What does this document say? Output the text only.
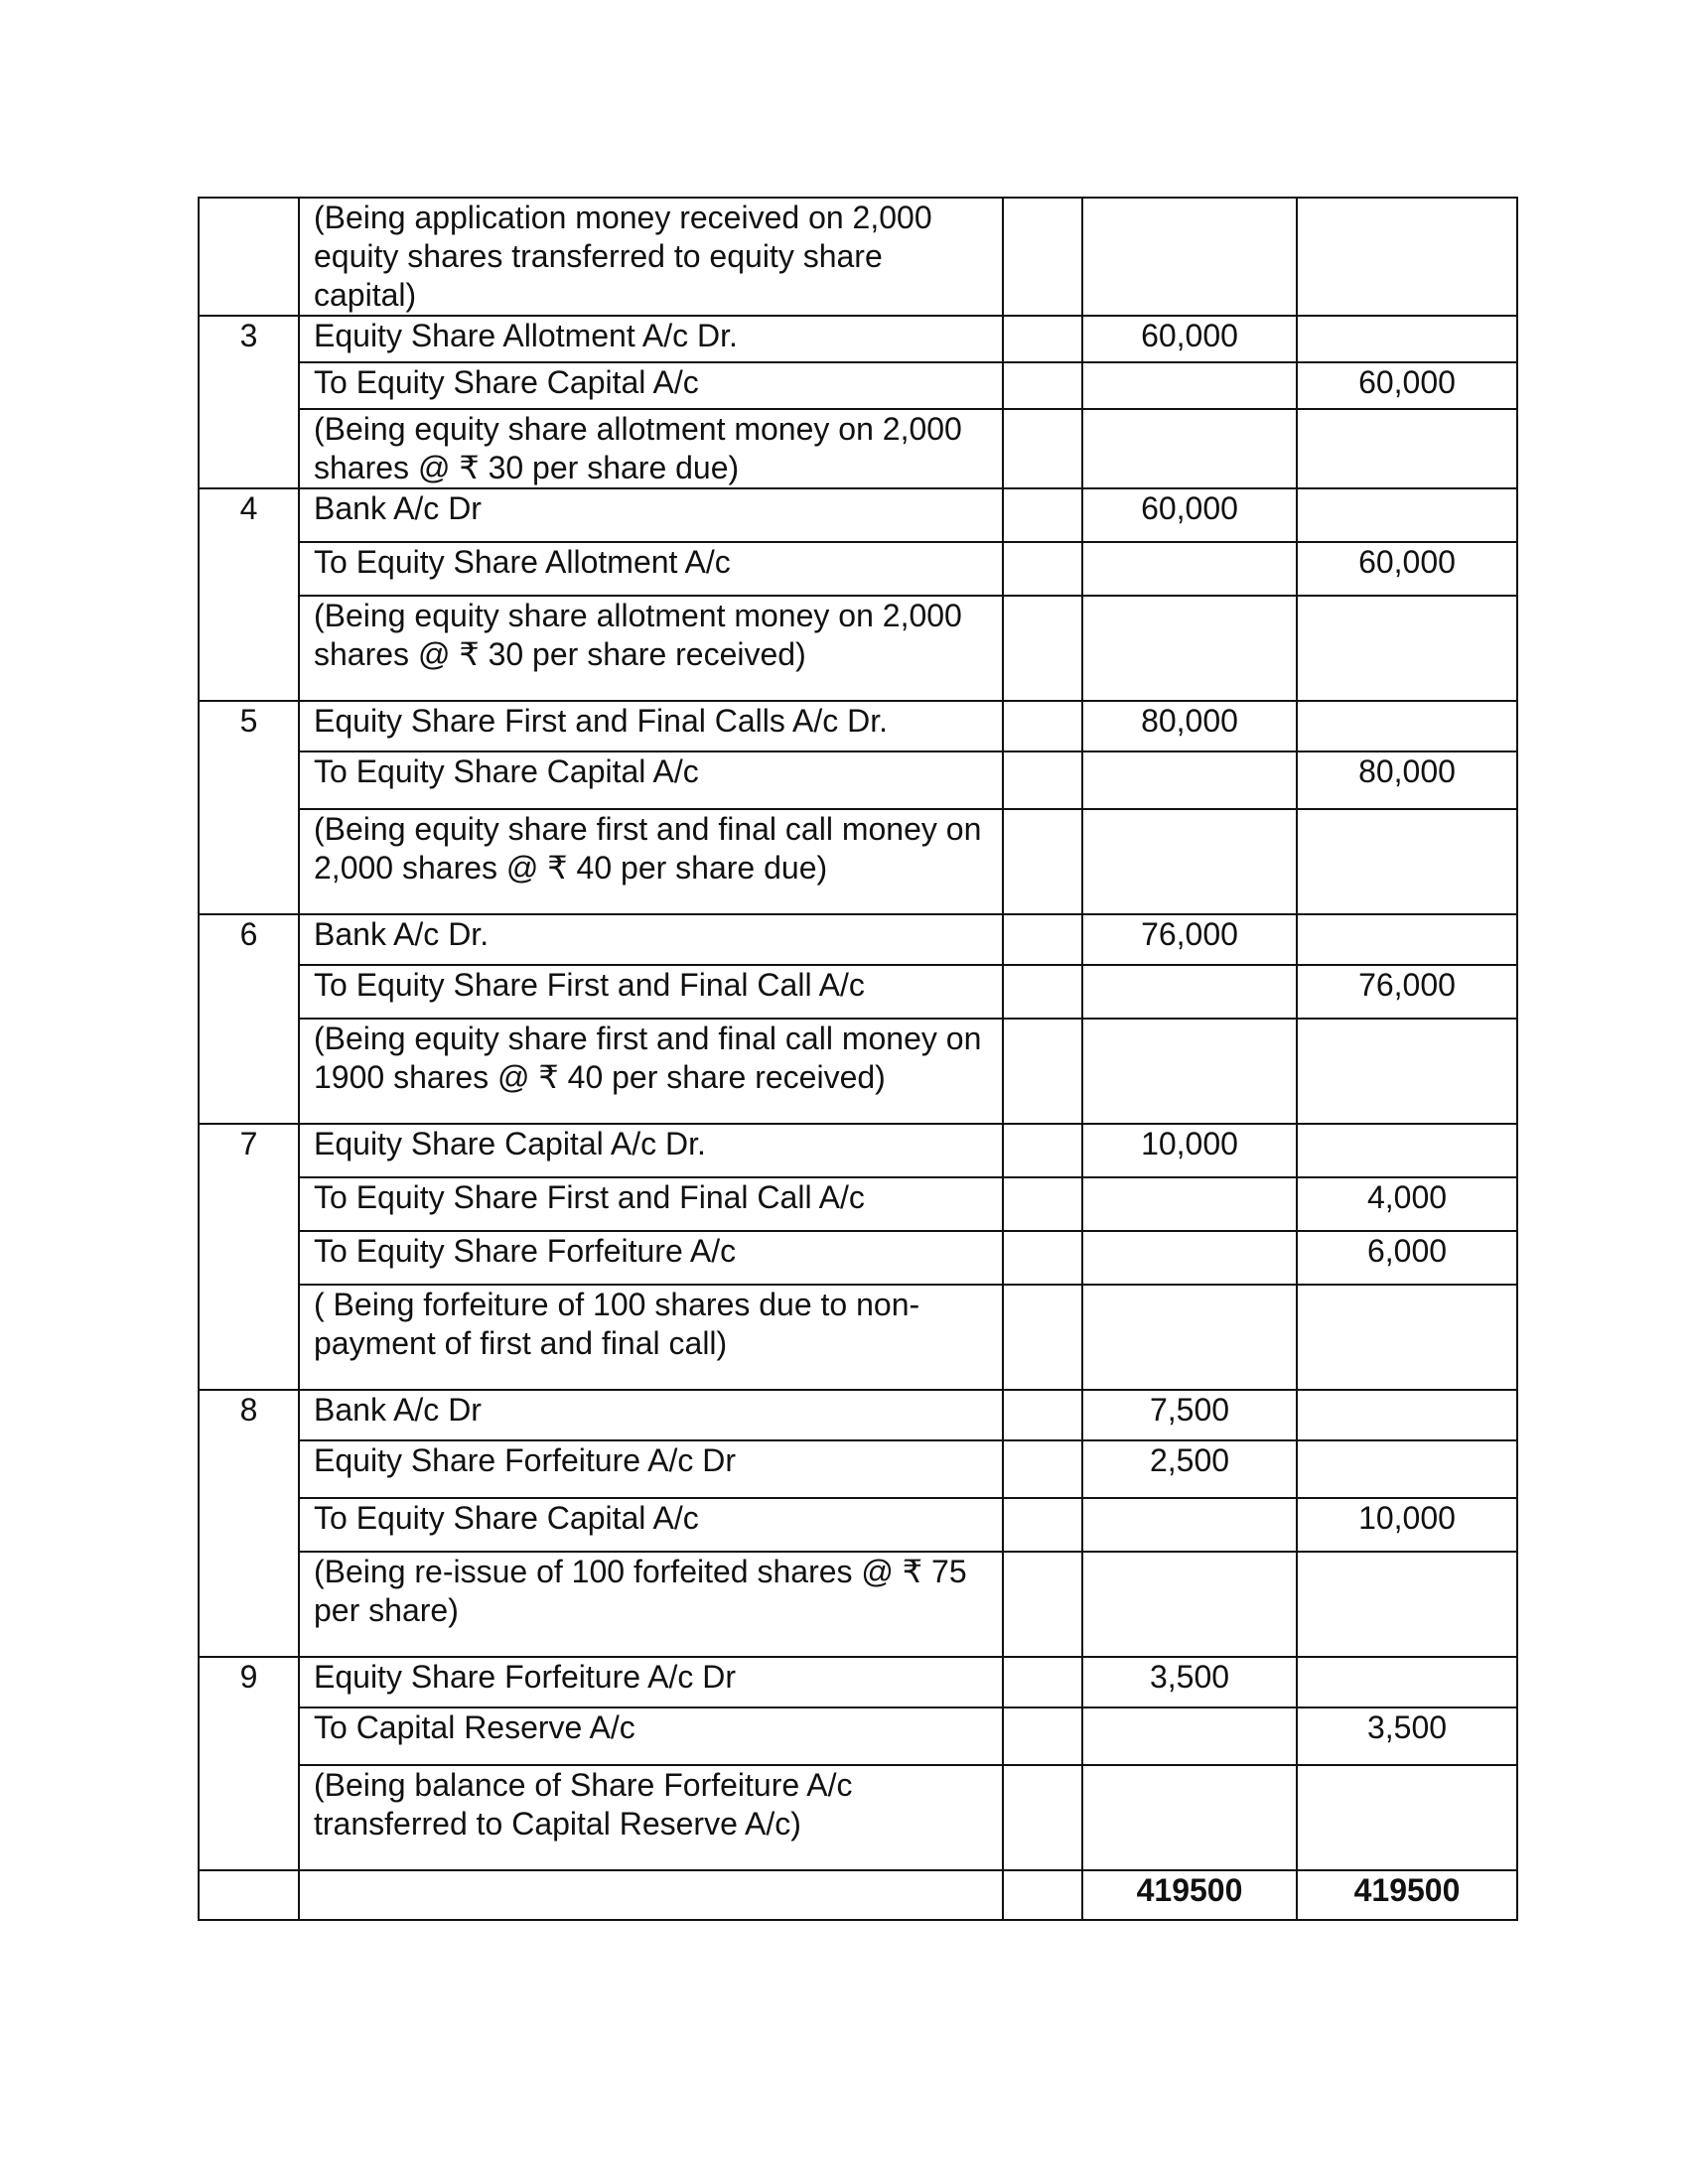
	(Being application money received on 2,000 equity shares transferred to equity share capital)			
3	Equity Share Allotment A/c Dr.		60,000	
	To Equity Share Capital A/c			60,000
	(Being equity share allotment money on 2,000 shares @ ₹ 30 per share due)			
4	Bank A/c Dr		60,000	
	To Equity Share Allotment A/c			60,000
	(Being equity share allotment money on 2,000 shares @ ₹ 30 per share received)			
5	Equity Share First and Final Calls A/c Dr.		80,000	
	To Equity Share Capital A/c			80,000
	(Being equity share first and final call money on 2,000 shares @ ₹ 40 per share due)			
6	Bank A/c Dr.		76,000	
	To Equity Share First and Final Call A/c			76,000
	(Being equity share first and final call money on 1900 shares @ ₹ 40 per share received)			
7	Equity Share Capital A/c Dr.		10,000	
	To Equity Share First and Final Call A/c			4,000
	To Equity Share Forfeiture A/c			6,000
	( Being forfeiture of 100 shares due to non-payment of first and final call)			
8	Bank A/c Dr		7,500	
	Equity Share Forfeiture A/c Dr		2,500	
	To Equity Share Capital A/c			10,000
	(Being re-issue of 100 forfeited shares @ ₹ 75 per share)			
9	Equity Share Forfeiture A/c Dr		3,500	
	To Capital Reserve A/c			3,500
	(Being balance of Share Forfeiture A/c transferred to Capital Reserve A/c)			
			419500	419500
